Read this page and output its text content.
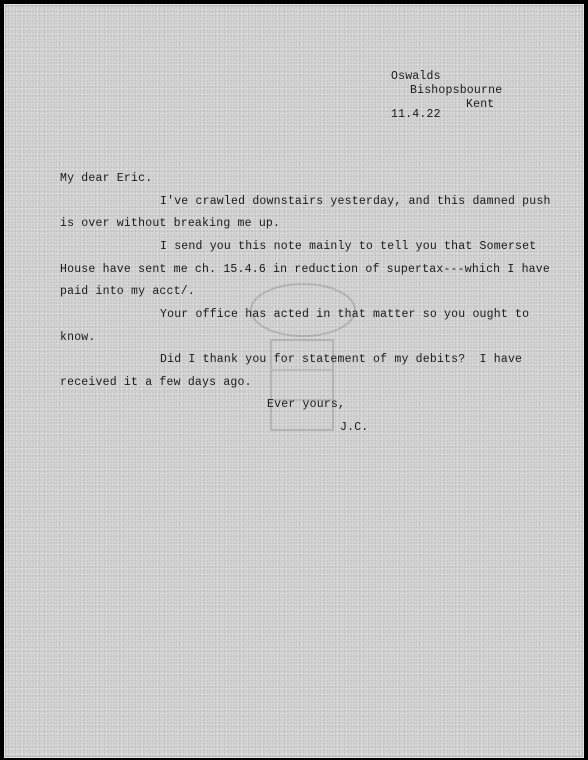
Oswalds

Bishopsbourne

Kent

11.4.22

My dear Eric.

I've crawled downstairs yesterday, and this damned push

is over without breaking me up.

I send you this note mainly to tell you that Somerset

House have sent me ch. 15.4.6 in reduction of supertax---which I have

paid into my acct/.

Your office has acted in that matter so you ought to

know.

Did I thank you for statement of my debits?  I have

received it a few days ago.

Ever yours,

J.C.
